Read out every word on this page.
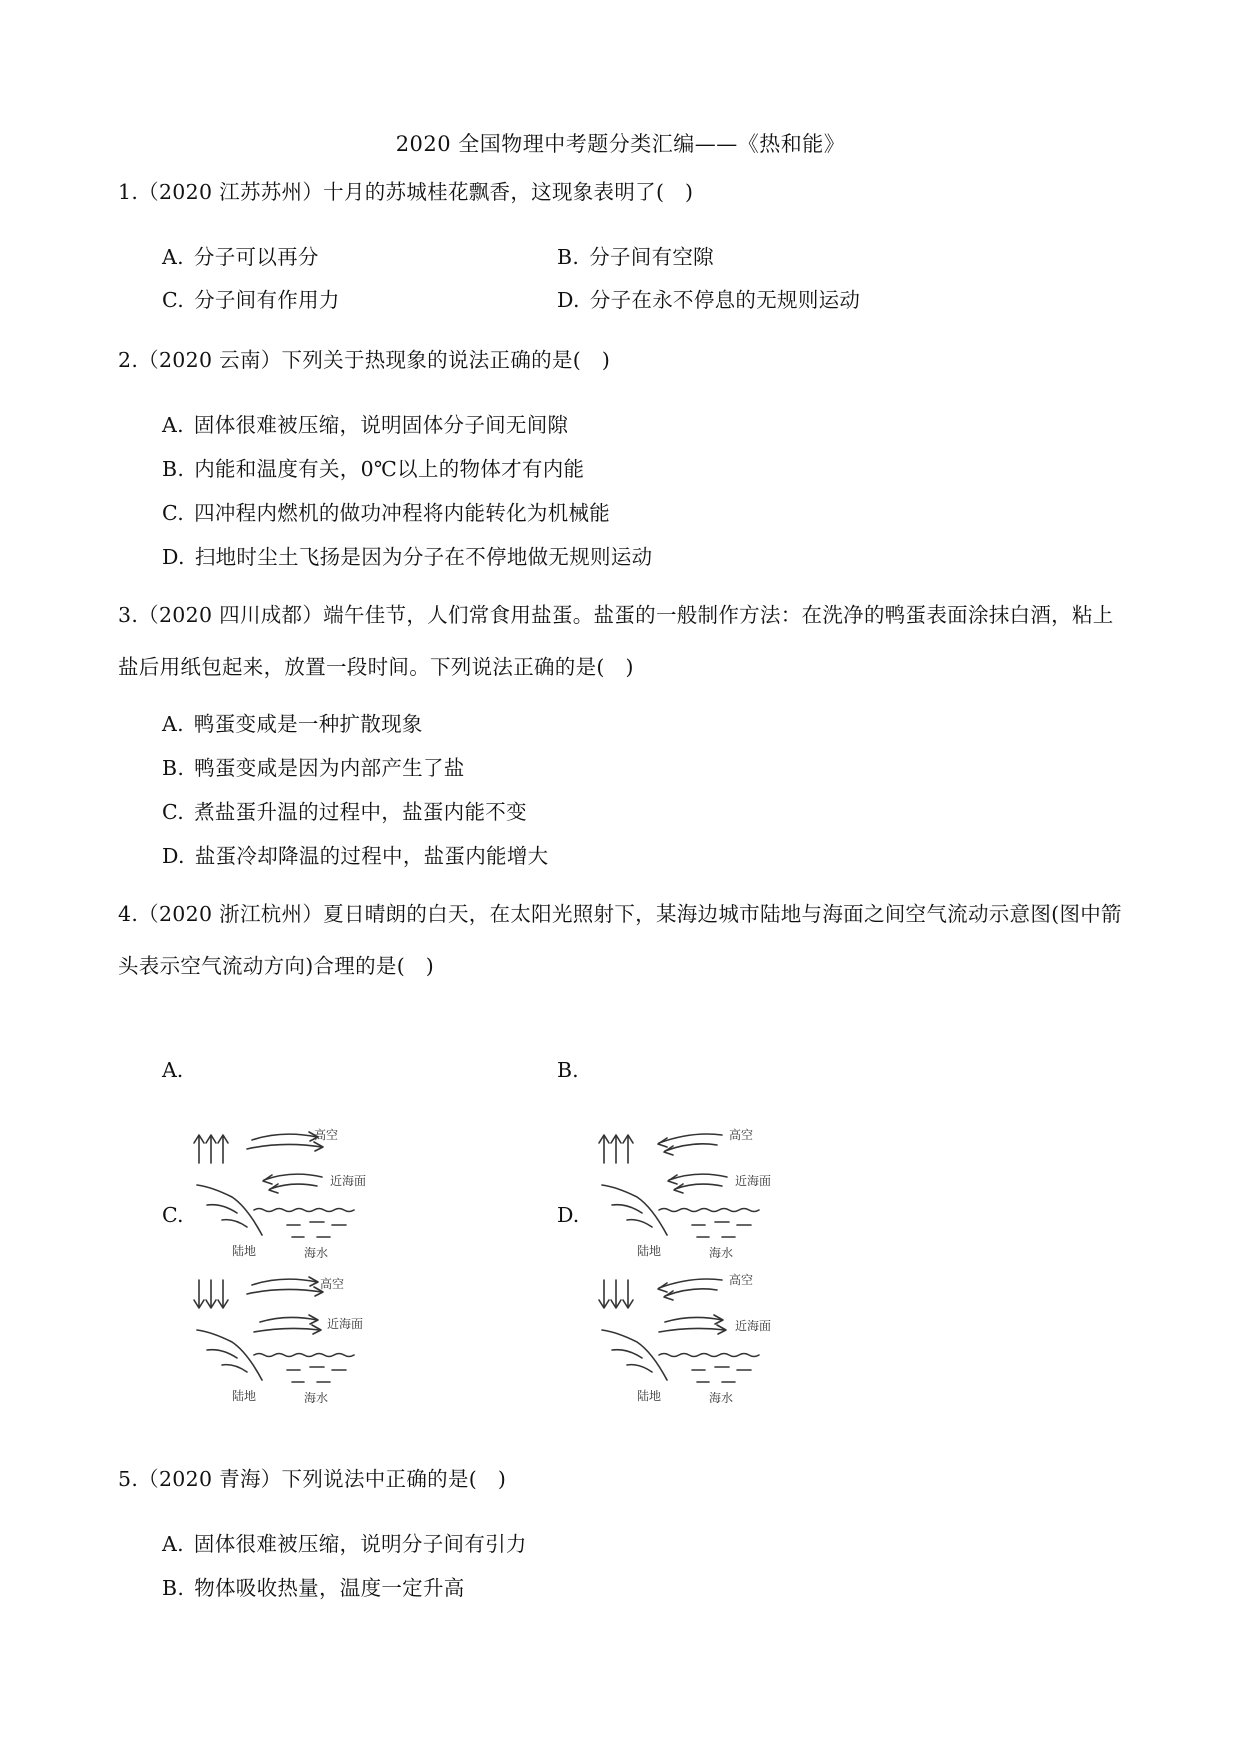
2020 全国物理中考题分类汇编——《热和能》
1.（2020 江苏苏州）十月的苏城桂花飘香，这现象表明了(　)
A. 分子可以再分	B. 分子间有空隙
C. 分子间有作用力	D. 分子在永不停息的无规则运动
2.（2020 云南）下列关于热现象的说法正确的是(　)
A. 固体很难被压缩，说明固体分子间无间隙
B. 内能和温度有关，0℃以上的物体才有内能
C. 四冲程内燃机的做功冲程将内能转化为机械能
D. 扫地时尘土飞扬是因为分子在不停地做无规则运动
3.（2020 四川成都）端午佳节，人们常食用盐蛋。盐蛋的一般制作方法：在洗净的鸭蛋表面涂抹白酒，粘上盐后用纸包起来，放置一段时间。下列说法正确的是(　)
A. 鸭蛋变咸是一种扩散现象
B. 鸭蛋变咸是因为内部产生了盐
C. 煮盐蛋升温的过程中，盐蛋内能不变
D. 盐蛋冷却降温的过程中，盐蛋内能增大
4.（2020 浙江杭州）夏日晴朗的白天，在太阳光照射下，某海边城市陆地与海面之间空气流动示意图(图中箭头表示空气流动方向)合理的是(　)
A.
高空
近海面
陆地	海水
B.
高空
近海面
陆地	海水
C.
高空
近海面
陆地	海水
D.
高空
近海面
陆地	海水
5.（2020 青海）下列说法中正确的是(　)
A. 固体很难被压缩，说明分子间有引力
B. 物体吸收热量，温度一定升高
